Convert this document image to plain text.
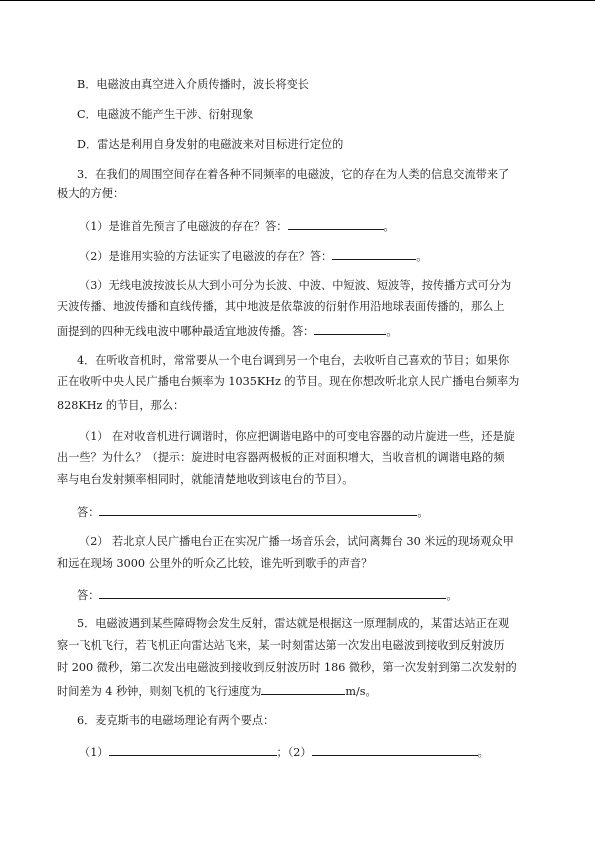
B．电磁波由真空进入介质传播时，波长将变长
C．电磁波不能产生干涉、衍射现象
D．雷达是利用自身发射的电磁波来对目标进行定位的
3．在我们的周围空间存在着各种不同频率的电磁波，它的存在为人类的信息交流带来了
极大的方便：
（1）是谁首先预言了电磁波的存在？答：	。
（2）是谁用实验的方法证实了电磁波的存在？答：	。
（3）无线电波按波长从大到小可分为长波、中波、中短波、短波等，按传播方式可分为
天波传播、地波传播和直线传播，其中地波是依靠波的衍射作用沿地球表面传播的，那么上
面提到的四种无线电波中哪种最适宜地波传播。答：	。
4．在听收音机时，常常要从一个电台调到另一个电台，去收听自己喜欢的节目；如果你
正在收听中央人民广播电台频率为 1035KHz 的节目。现在你想改听北京人民广播电台频率为
828KHz 的节目，那么：
（1） 在对收音机进行调谐时，你应把调谐电路中的可变电容器的动片旋进一些，还是旋
出一些？为什么？（提示：旋进时电容器两极板的正对面积增大，当收音机的调谐电路的频
率与电台发射频率相同时，就能清楚地收到该电台的节目）。
答：	。
（2） 若北京人民广播电台正在实况广播一场音乐会，试问离舞台 30 米远的现场观众甲
和远在现场 3000 公里外的听众乙比较，谁先听到歌手的声音？
答：	。
5．电磁波遇到某些障碍物会发生反射，雷达就是根据这一原理制成的，某雷达站正在观
察一飞机飞行，若飞机正向雷达站飞来，某一时刻雷达第一次发出电磁波到接收到反射波历
时 200 微秒，第二次发出电磁波到接收到反射波历时 186 微秒，第一次发射到第二次发射的
时间差为 4 秒钟，则刻飞机的飞行速度为	m/s。
6．麦克斯韦的电磁场理论有两个要点：
（1）	；（2）	。
